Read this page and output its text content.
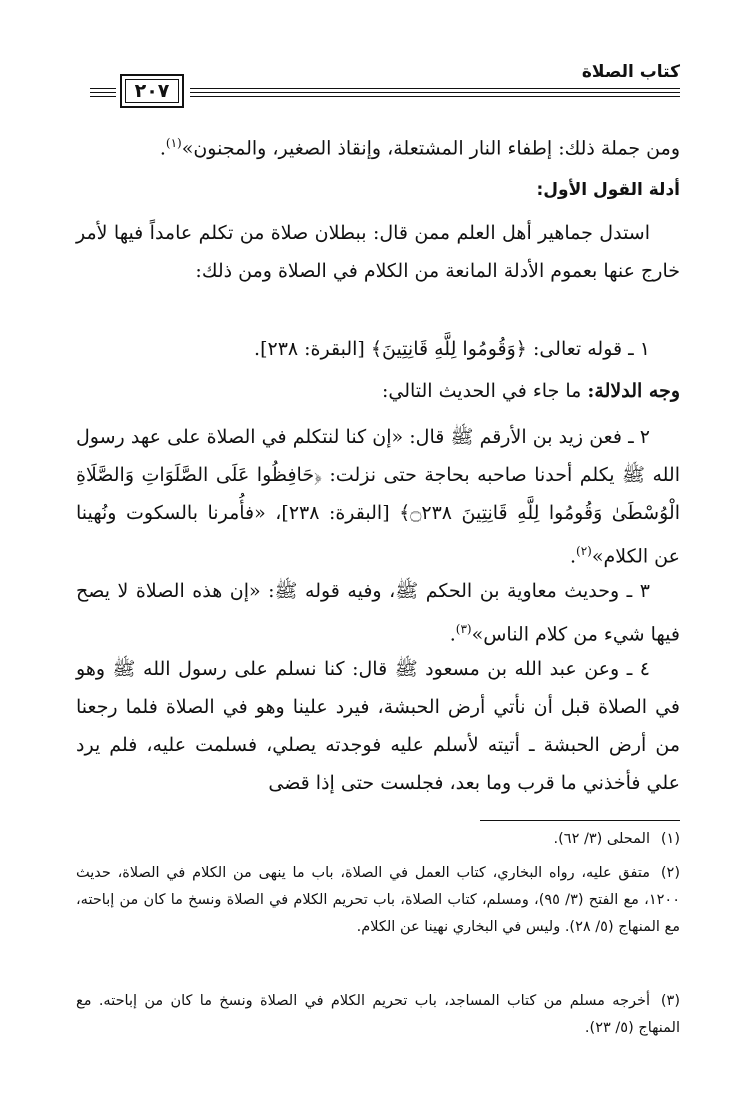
كتاب الصلاة
٢٠٧
ومن جملة ذلك: إطفاء النار المشتعلة، وإنقاذ الصغير، والمجنون»$^{(١)}$.
أدلة القول الأول:
استدل جماهير أهل العلم ممن قال: ببطلان صلاة من تكلم عامداً فيها لأمر خارج عنها بعموم الأدلة المانعة من الكلام في الصلاة ومن ذلك:
١ ـ قوله تعالى: ﴿وَقُومُوا لِلَّهِ قَانِتِينَ﴾ [البقرة: ٢٣٨].
وجه الدلالة: ما جاء في الحديث التالي:
٢ ـ فعن زيد بن الأرقم ﷺ قال: «إن كنا لنتكلم في الصلاة على عهد رسول الله ﷺ يكلم أحدنا صاحبه بحاجة حتى نزلت: ﴿حَافِظُوا عَلَى الصَّلَوَاتِ وَالصَّلَاةِ الْوُسْطَىٰ وَقُومُوا لِلَّهِ قَانِتِينَ ۝٢٣٨﴾ [البقرة: ٢٣٨]، «فأُمرنا بالسكوت ونُهينا عن الكلام»$^{(٢)}$.
٣ ـ وحديث معاوية بن الحكم ﷺ، وفيه قوله ﷺ: «إن هذه الصلاة لا يصح فيها شيء من كلام الناس»$^{(٣)}$.
٤ ـ وعن عبد الله بن مسعود ﷺ قال: كنا نسلم على رسول الله ﷺ وهو في الصلاة قبل أن نأتي أرض الحبشة، فيرد علينا وهو في الصلاة فلما رجعنا من أرض الحبشة ـ أتيته لأسلم عليه فوجدته يصلي، فسلمت عليه، فلم يرد علي فأخذني ما قرب وما بعد، فجلست حتى إذا قضى
(١)المحلى (٣/ ٦٢).
(٢)متفق عليه، رواه البخاري، كتاب العمل في الصلاة، باب ما ينهى من الكلام في الصلاة، حديث ١٢٠٠، مع الفتح (٣/ ٩٥)، ومسلم، كتاب الصلاة، باب تحريم الكلام في الصلاة ونسخ ما كان من إباحته، مع المنهاج (٥/ ٢٨). وليس في البخاري نهينا عن الكلام.
(٣)أخرجه مسلم من كتاب المساجد، باب تحريم الكلام في الصلاة ونسخ ما كان من إباحته. مع المنهاج (٥/ ٢٣).
